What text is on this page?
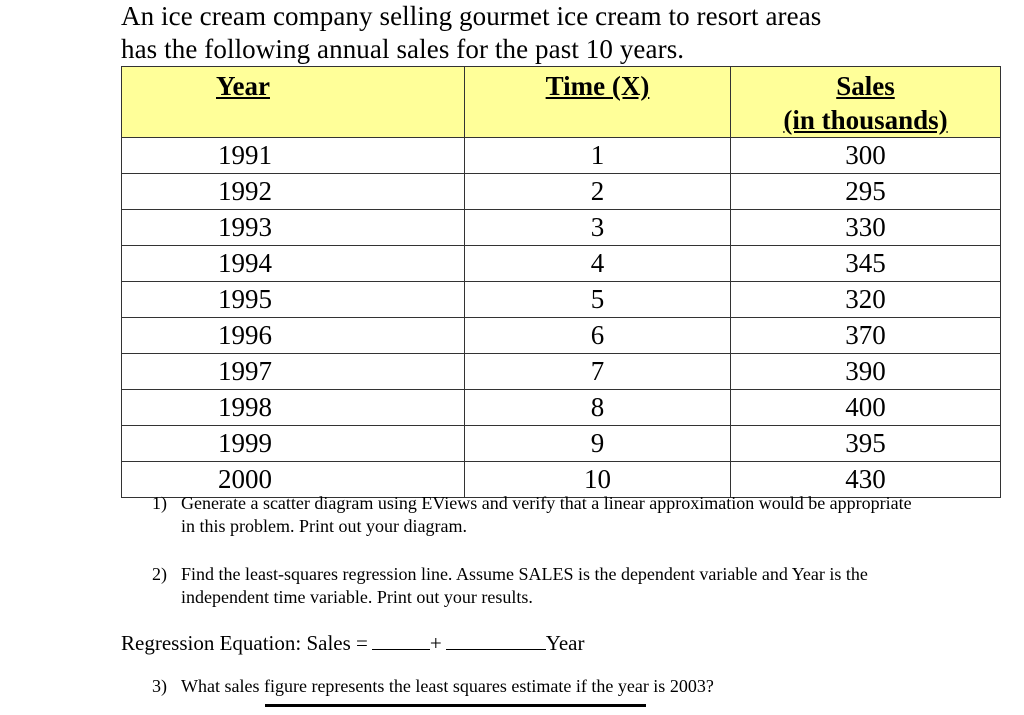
An ice cream company selling gourmet ice cream to resort areas
has the following annual sales for the past 10 years.
Year	Time (X)	Sales
(in thousands)
1991	1	300
1992	2	295
1993	3	330
1994	4	345
1995	5	320
1996	6	370
1997	7	390
1998	8	400
1999	9	395
2000	10	430
1) Generate a scatter diagram using EViews and verify that a linear approximation would be appropriate in this problem. Print out your diagram.
2) Find the least-squares regression line. Assume SALES is the dependent variable and Year is the independent time variable. Print out your results.
Regression Equation: Sales =	+	Year
3) What sales figure represents the least squares estimate if the year is 2003?
